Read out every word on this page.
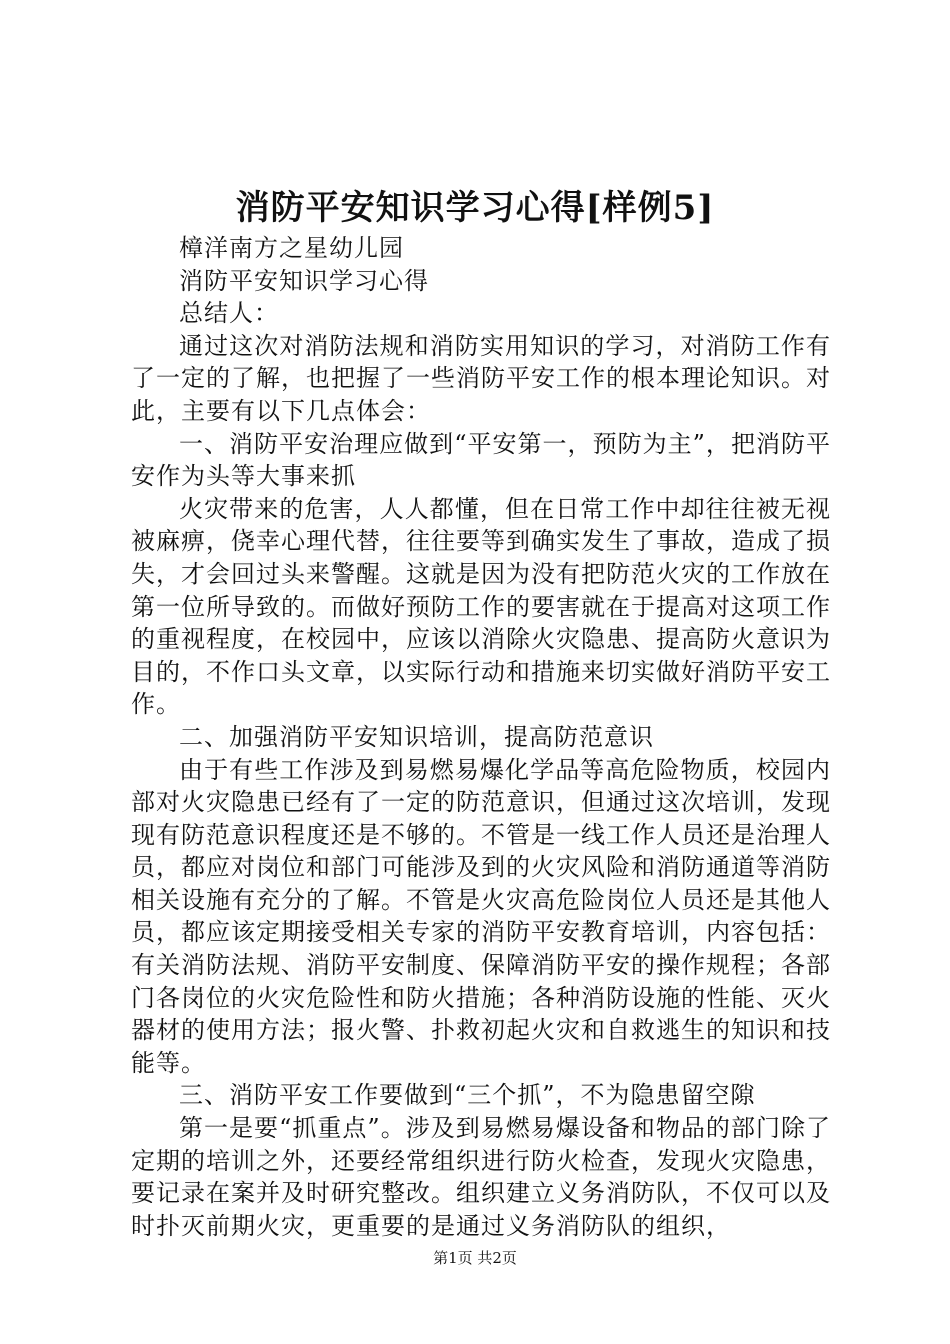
消防平安知识学习心得[样例5]

樟洋南方之星幼儿园

消防平安知识学习心得

总结人：

通过这次对消防法规和消防实用知识的学习，对消防工作有了一定的了解，也把握了一些消防平安工作的根本理论知识。对此，主要有以下几点体会：

一、消防平安治理应做到“平安第一，预防为主”，把消防平安作为头等大事来抓

火灾带来的危害，人人都懂，但在日常工作中却往往被无视被麻痹，侥幸心理代替，往往要等到确实发生了事故，造成了损失，才会回过头来警醒。这就是因为没有把防范火灾的工作放在第一位所导致的。而做好预防工作的要害就在于提高对这项工作的重视程度，在校园中，应该以消除火灾隐患、提高防火意识为目的，不作口头文章，以实际行动和措施来切实做好消防平安工作。

二、加强消防平安知识培训，提高防范意识

由于有些工作涉及到易燃易爆化学品等高危险物质，校园内部对火灾隐患已经有了一定的防范意识，但通过这次培训，发现现有防范意识程度还是不够的。不管是一线工作人员还是治理人员，都应对岗位和部门可能涉及到的火灾风险和消防通道等消防相关设施有充分的了解。不管是火灾高危险岗位人员还是其他人员，都应该定期接受相关专家的消防平安教育培训，内容包括：有关消防法规、消防平安制度、保障消防平安的操作规程；各部门各岗位的火灾危险性和防火措施；各种消防设施的性能、灭火器材的使用方法；报火警、扑救初起火灾和自救逃生的知识和技能等。

三、消防平安工作要做到“三个抓”，不为隐患留空隙

第一是要“抓重点”。涉及到易燃易爆设备和物品的部门除了定期的培训之外，还要经常组织进行防火检查，发现火灾隐患，要记录在案并及时研究整改。组织建立义务消防队，不仅可以及时扑灭前期火灾，更重要的是通过义务消防队的组织，

第1页 共2页
